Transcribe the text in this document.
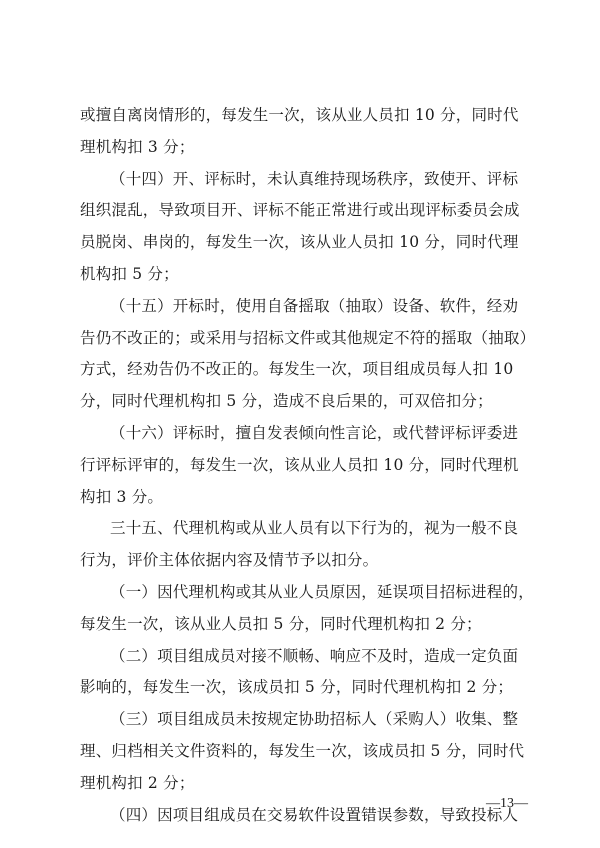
或擅自离岗情形的，每发生一次，该从业人员扣 10 分，同时代
理机构扣 3 分；
（十四）开、评标时，未认真维持现场秩序，致使开、评标
组织混乱，导致项目开、评标不能正常进行或出现评标委员会成
员脱岗、串岗的，每发生一次，该从业人员扣 10 分，同时代理
机构扣 5 分；
（十五）开标时，使用自备摇取（抽取）设备、软件，经劝
告仍不改正的；或采用与招标文件或其他规定不符的摇取（抽取）
方式，经劝告仍不改正的。每发生一次，项目组成员每人扣 10
分，同时代理机构扣 5 分，造成不良后果的，可双倍扣分；
（十六）评标时，擅自发表倾向性言论，或代替评标评委进
行评标评审的，每发生一次，该从业人员扣 10 分，同时代理机
构扣 3 分。
三十五、代理机构或从业人员有以下行为的，视为一般不良
行为，评价主体依据内容及情节予以扣分。
（一）因代理机构或其从业人员原因，延误项目招标进程的，
每发生一次，该从业人员扣 5 分，同时代理机构扣 2 分；
（二）项目组成员对接不顺畅、响应不及时，造成一定负面
影响的，每发生一次，该成员扣 5 分，同时代理机构扣 2 分；
（三）项目组成员未按规定协助招标人（采购人）收集、整
理、归档相关文件资料的，每发生一次，该成员扣 5 分，同时代
理机构扣 2 分；
（四）因项目组成员在交易软件设置错误参数，导致投标人
—13—
